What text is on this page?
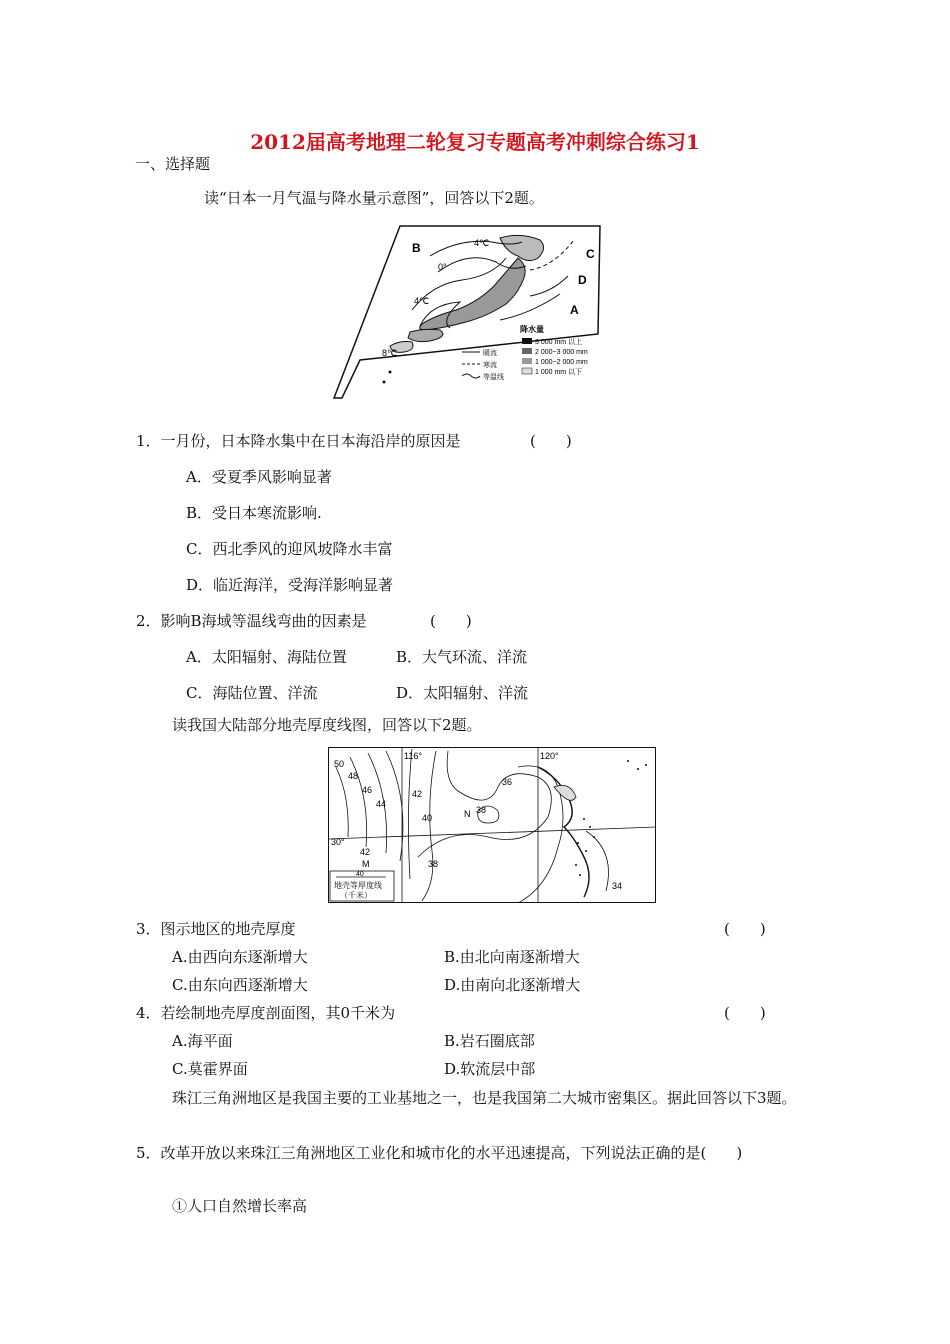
2012届高考地理二轮复习专题高考冲刺综合练习1
一、选择题
读“日本一月气温与降水量示意图”，回答以下2题。
B	C
D
A
4℃
0°
4℃
8℃
降水量
3 000 mm 以上
2 000~3 000 mm
1 000~2 000 mm
1 000 mm 以下
暖流
寒流
等温线
1．一月份，日本降水集中在日本海沿岸的原因是	(　　)
A．受夏季风影响显著
B．受日本寒流影响.
C．西北季风的迎风坡降水丰富
D．临近海洋，受海洋影响显著
2．影响B海域等温线弯曲的因素是	(　　)
A．太阳辐射、海陆位置	B．大气环流、洋流
C．海陆位置、洋流	D．太阳辐射、洋流
读我国大陆部分地壳厚度线图，回答以下2题。
116°	120°
30°
50
48
46
44
42
40
42
38
36
38
34
N
M
40
地壳等厚度线
（千米）
3．图示地区的地壳厚度	(　　)
A.由西向东逐渐增大	B.由北向南逐渐增大
C.由东向西逐渐增大	D.由南向北逐渐增大
4．若绘制地壳厚度剖面图，其0千米为	(　　)
A.海平面	B.岩石圈底部
C.莫霍界面	D.软流层中部
珠江三角洲地区是我国主要的工业基地之一，也是我国第二大城市密集区。据此回答以下3题。
5．改革开放以来珠江三角洲地区工业化和城市化的水平迅速提高，下列说法正确的是(　　)
①人口自然增长率高
